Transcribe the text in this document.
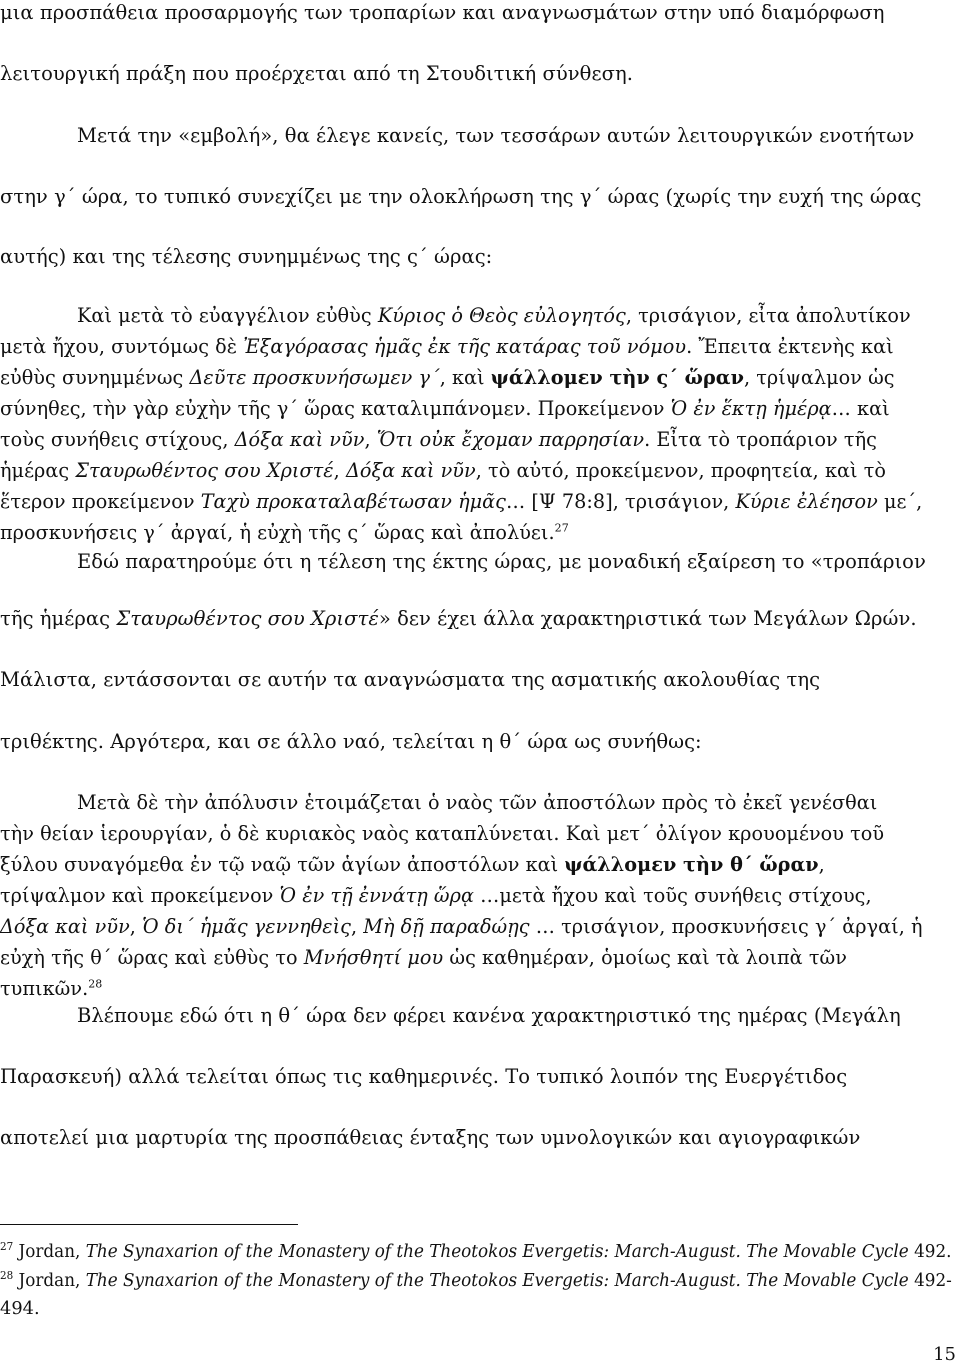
μια προσπάθεια προσαρμογής των τροπαρίων και αναγνωσμάτων στην υπό διαμόρφωση
λειτουργική πράξη που προέρχεται από τη Στουδιτική σύνθεση.
Μετά την «εμβολή», θα έλεγε κανείς, των τεσσάρων αυτών λειτουργικών ενοτήτων
στην γ΄ ώρα, το τυπικό συνεχίζει με την ολοκλήρωση της γ΄ ώρας (χωρίς την ευχή της ώρας
αυτής) και της τέλεσης συνημμένως της ς΄ ώρας:
Καὶ μετὰ τὸ εὐαγγέλιον εὐθὺς Κύριος ὁ Θεὸς εὐλογητός, τρισάγιον, εἶτα ἀπολυτίκον
μετὰ ἤχου, συντόμως δὲ Ἐξαγόρασας ἡμᾶς ἐκ τῆς κατάρας τοῦ νόμου. Ἔπειτα ἐκτενὴς καὶ
εὐθὺς συνημμένως Δεῦτε προσκυνήσωμεν γ΄, καὶ ψάλλομεν τὴν ς΄ ὥραν, τρίψαλμον ὡς
σύνηθες, τὴν γὰρ εὐχὴν τῆς γ΄ ὥρας καταλιμπάνομεν. Προκείμενον Ὁ ἐν ἕκτῃ ἡμέρᾳ… καὶ
τοὺς συνήθεις στίχους, Δόξα καὶ νῦν, Ὅτι οὐκ ἔχομαν παρρησίαν. Εἶτα τὸ τροπάριον τῆς
ἡμέρας Σταυρωθέντος σου Χριστέ, Δόξα καὶ νῦν, τὸ αὐτό, προκείμενον, προφητεία, καὶ τὸ
ἕτερον προκείμενον Ταχὺ προκαταλαβέτωσαν ἡμᾶς… [Ψ 78:8], τρισάγιον, Κύριε ἐλέησον με΄,
προσκυνήσεις γ΄ ἀργαί, ἡ εὐχὴ τῆς ς΄ ὥρας καὶ ἀπολύει.$^{27}$
Εδώ παρατηρούμε ότι η τέλεση της έκτης ώρας, με μοναδική εξαίρεση το «τροπάριον
τῆς ἡμέρας Σταυρωθέντος σου Χριστέ» δεν έχει άλλα χαρακτηριστικά των Μεγάλων Ωρών.
Μάλιστα, εντάσσονται σε αυτήν τα αναγνώσματα της ασματικής ακολουθίας της
τριθέκτης. Αργότερα, και σε άλλο ναό, τελείται η θ΄ ώρα ως συνήθως:
Μετὰ δὲ τὴν ἀπόλυσιν ἑτοιμάζεται ὁ ναὸς τῶν ἀποστόλων πρὸς τὸ ἐκεῖ γενέσθαι
τὴν θείαν ἱερουργίαν, ὁ δὲ κυριακὸς ναὸς καταπλύνεται. Καὶ μετ΄ ὀλίγον κρουομένου τοῦ
ξύλου συναγόμεθα ἐν τῷ ναῷ τῶν ἁγίων ἀποστόλων καὶ ψάλλομεν τὴν θ΄ ὥραν,
τρίψαλμον καὶ προκείμενον Ὁ ἐν τῇ ἐννάτῃ ὥρᾳ …μετὰ ἤχου καὶ τοῦς συνήθεις στίχους,
Δόξα καὶ νῦν, Ὁ δι΄ ἡμᾶς γεννηθεὶς, Μὴ δῇ παραδώῃς … τρισάγιον, προσκυνήσεις γ΄ ἀργαί, ἡ
εὐχὴ τῆς θ΄ ὥρας καὶ εὐθὺς το Μνήσθητί μου ὡς καθημέραν, ὁμοίως καὶ τὰ λοιπὰ τῶν
τυπικῶν.$^{28}$
Βλέπουμε εδώ ότι η θ΄ ώρα δεν φέρει κανένα χαρακτηριστικό της ημέρας (Μεγάλη
Παρασκευή) αλλά τελείται όπως τις καθημερινές. Το τυπικό λοιπόν της Ευεργέτιδος
αποτελεί μια μαρτυρία της προσπάθειας ένταξης των υμνολογικών και αγιογραφικών
$^{27}$ Jordan, The Synaxarion of the Monastery of the Theotokos Evergetis: March-August. The Movable Cycle 492.
$^{28}$ Jordan, The Synaxarion of the Monastery of the Theotokos Evergetis: March-August. The Movable Cycle 492-
494.
15
